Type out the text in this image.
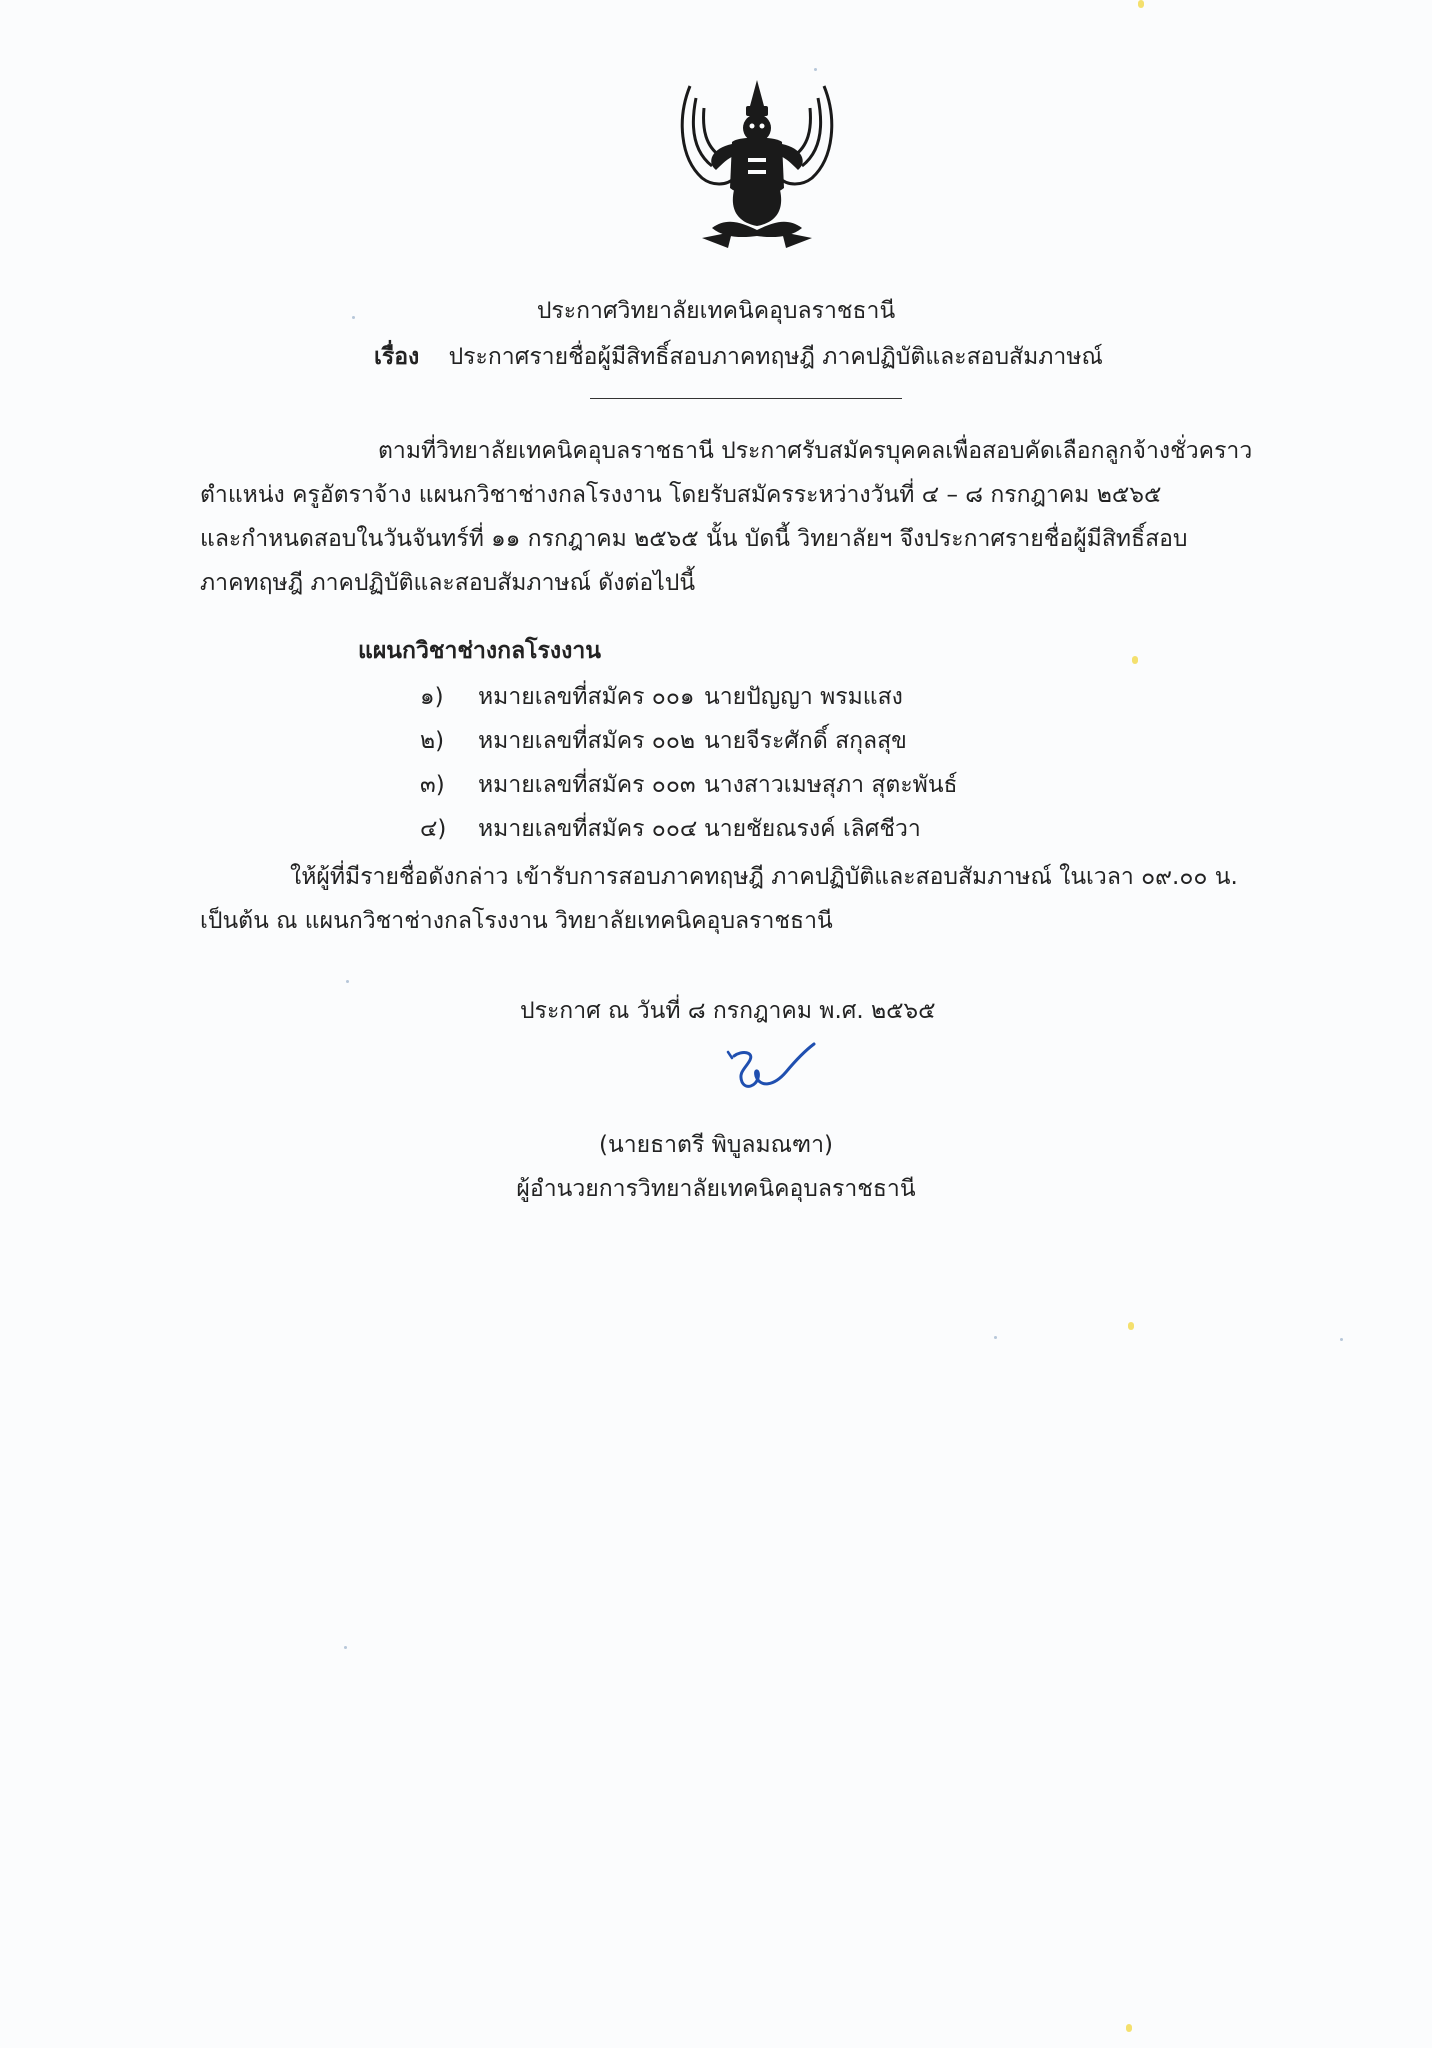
ประกาศวิทยาลัยเทคนิคอุบลราชธานี
เรื่อง ประกาศรายชื่อผู้มีสิทธิ์สอบภาคทฤษฎี ภาคปฏิบัติและสอบสัมภาษณ์
ตามที่วิทยาลัยเทคนิคอุบลราชธานี ประกาศรับสมัครบุคคลเพื่อสอบคัดเลือกลูกจ้างชั่วคราว
ตำแหน่ง ครูอัตราจ้าง แผนกวิชาช่างกลโรงงาน โดยรับสมัครระหว่างวันที่ ๔ – ๘ กรกฎาคม ๒๕๖๕
และกำหนดสอบในวันจันทร์ที่ ๑๑ กรกฎาคม ๒๕๖๕ นั้น บัดนี้ วิทยาลัยฯ จึงประกาศรายชื่อผู้มีสิทธิ์สอบ
ภาคทฤษฎี ภาคปฏิบัติและสอบสัมภาษณ์ ดังต่อไปนี้
แผนกวิชาช่างกลโรงงาน
๑) หมายเลขที่สมัคร ๐๐๑ นายปัญญา พรมแสง
๒) หมายเลขที่สมัคร ๐๐๒ นายจีระศักดิ์ สกุลสุข
๓) หมายเลขที่สมัคร ๐๐๓ นางสาวเมษสุภา สุตะพันธ์
๔) หมายเลขที่สมัคร ๐๐๔ นายชัยณรงค์ เลิศชีวา
ให้ผู้ที่มีรายชื่อดังกล่าว เข้ารับการสอบภาคทฤษฎี ภาคปฏิบัติและสอบสัมภาษณ์ ในเวลา ๐๙.๐๐ น.
เป็นต้น ณ แผนกวิชาช่างกลโรงงาน วิทยาลัยเทคนิคอุบลราชธานี
ประกาศ ณ วันที่ ๘ กรกฎาคม พ.ศ. ๒๕๖๕
(นายธาตรี พิบูลมณฑา)
ผู้อำนวยการวิทยาลัยเทคนิคอุบลราชธานี
